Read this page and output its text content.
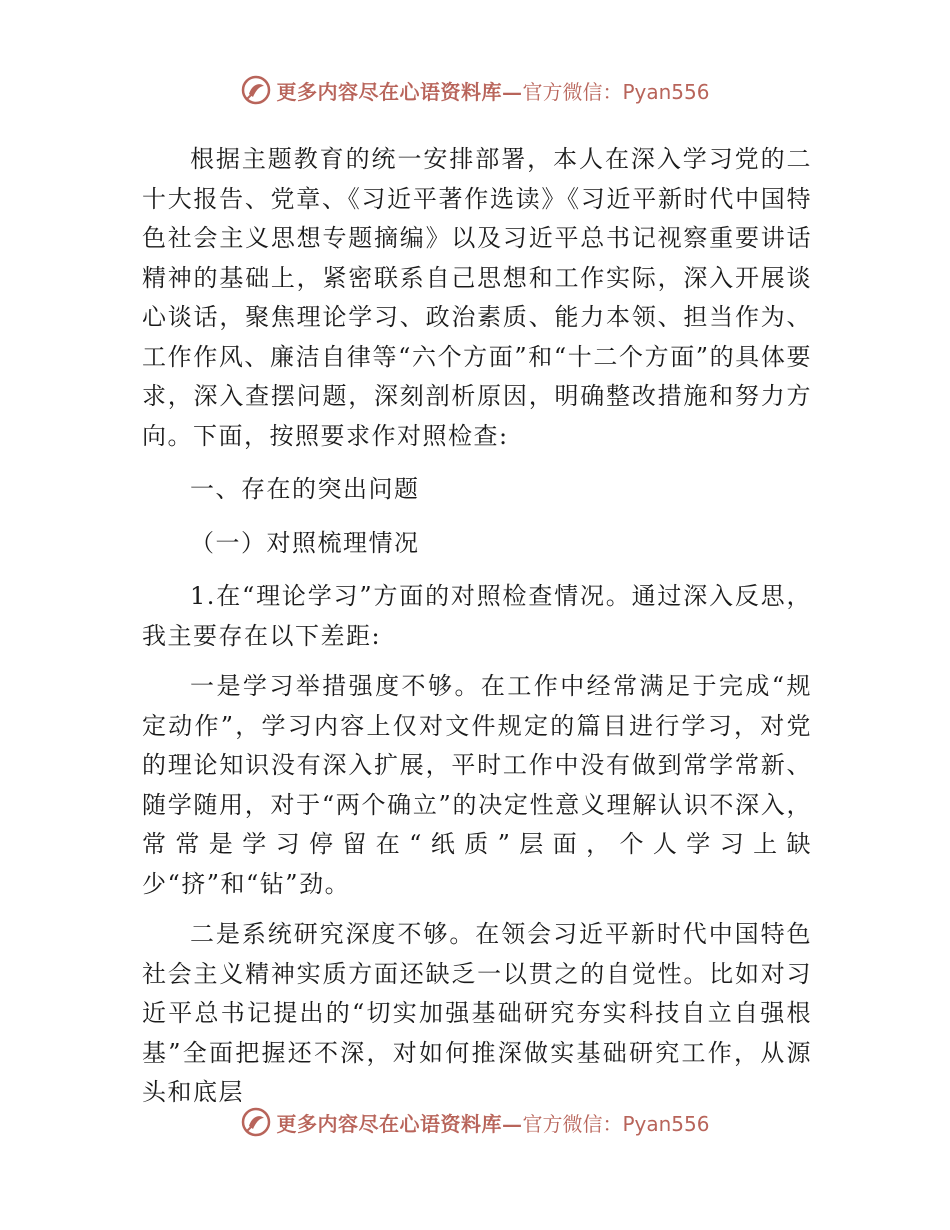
更多内容尽在心语资料库— 官方微信：Pyan556

根据主题教育的统一安排部署，本人在深入学习党的二十大报告、党章、《习近平著作选读》《习近平新时代中国特色社会主义思想专题摘编》以及习近平总书记视察重要讲话精神的基础上，紧密联系自己思想和工作实际，深入开展谈心谈话，聚焦理论学习、政治素质、能力本领、担当作为、工作作风、廉洁自律等“六个方面”和“十二个方面”的具体要求，深入查摆问题，深刻剖析原因，明确整改措施和努力方向。下面，按照要求作对照检查:

一、存在的突出问题

（一）对照梳理情况

1.在“理论学习”方面的对照检查情况。通过深入反思，我主要存在以下差距:

一是学习举措强度不够。在工作中经常满足于完成“规定动作”，学习内容上仅对文件规定的篇目进行学习，对党的理论知识没有深入扩展，平时工作中没有做到常学常新、随学随用，对于“两个确立”的决定性意义理解认识不深入，常常是学习停留在“纸质”层面，个人学习上缺少“挤”和“钻”劲。

二是系统研究深度不够。在领会习近平新时代中国特色社会主义精神实质方面还缺乏一以贯之的自觉性。比如对习近平总书记提出的“切实加强基础研究夯实科技自立自强根基”全面把握还不深，对如何推深做实基础研究工作，从源头和底层

更多内容尽在心语资料库— 官方微信：Pyan556
